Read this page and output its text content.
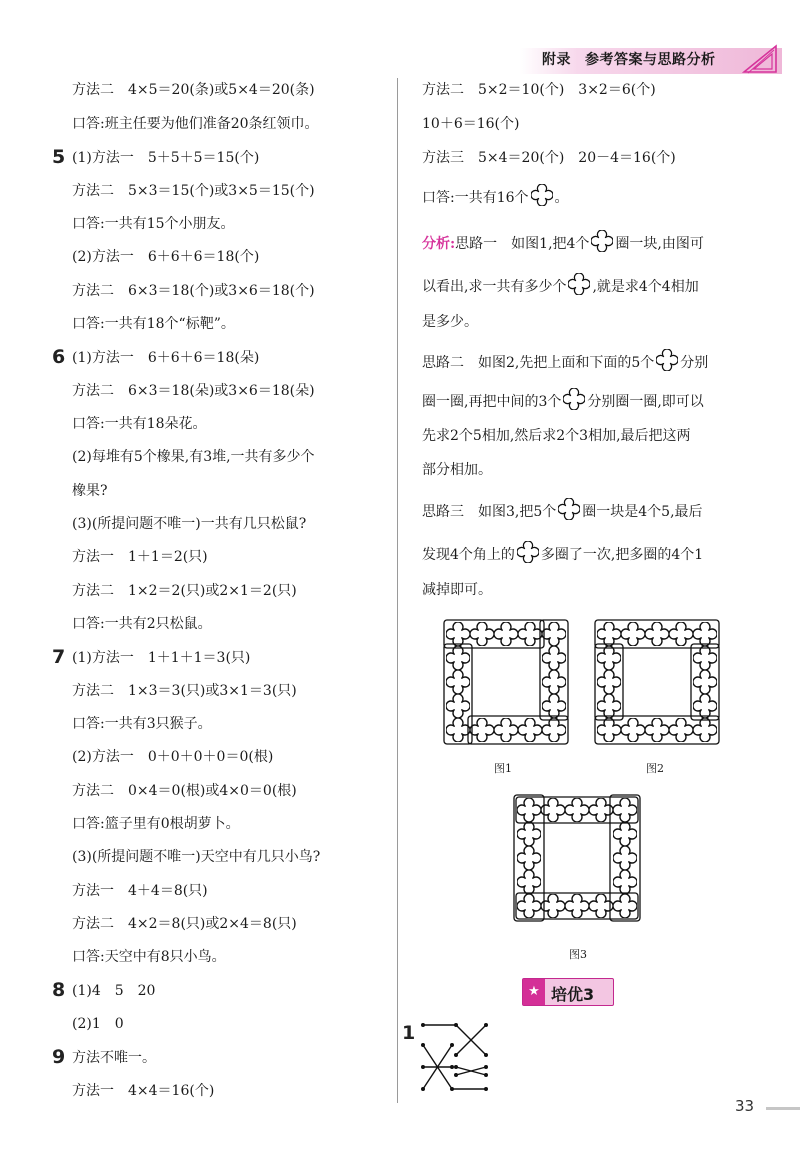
附录 参考答案与思路分析
方法二　4×5＝20(条)或5×4＝20(条)
口答:班主任要为他们准备20条红领巾。
5 (1)方法一　5＋5＋5＝15(个)
方法二　5×3＝15(个)或3×5＝15(个)
口答:一共有15个小朋友。
(2)方法一　6＋6＋6＝18(个)
方法二　6×3＝18(个)或3×6＝18(个)
口答:一共有18个“标靶”。
6 (1)方法一　6＋6＋6＝18(朵)
方法二　6×3＝18(朵)或3×6＝18(朵)
口答:一共有18朵花。
(2)每堆有5个橡果,有3堆,一共有多少个
橡果?
(3)(所提问题不唯一)一共有几只松鼠?
方法一　1＋1＝2(只)
方法二　1×2＝2(只)或2×1＝2(只)
口答:一共有2只松鼠。
7 (1)方法一　1＋1＋1＝3(只)
方法二　1×3＝3(只)或3×1＝3(只)
口答:一共有3只猴子。
(2)方法一　0＋0＋0＋0＝0(根)
方法二　0×4＝0(根)或4×0＝0(根)
口答:篮子里有0根胡萝卜。
(3)(所提问题不唯一)天空中有几只小鸟?
方法一　4＋4＝8(只)
方法二　4×2＝8(只)或2×4＝8(只)
口答:天空中有8只小鸟。
8 (1)4　5　20
(2)1　0
9 方法不唯一。
方法一　4×4＝16(个)
方法二　5×2＝10(个)　3×2＝6(个)
10＋6＝16(个)
方法三　5×4＝20(个)　20－4＝16(个)
口答:一共有16个 。
分析:思路一　如图1,把4个 圈一块,由图可
以看出,求一共有多少个 ,就是求4个4相加
是多少。
思路二　如图2,先把上面和下面的5个 分别
圈一圈,再把中间的3个 分别圈一圈,即可以
先求2个5相加,然后求2个3相加,最后把这两
部分相加。
思路三　如图3,把5个 圈一块是4个5,最后
发现4个角上的 多圈了一次,把多圈的4个1
减掉即可。
图1	图2
图3
★ 培优3
1
33
